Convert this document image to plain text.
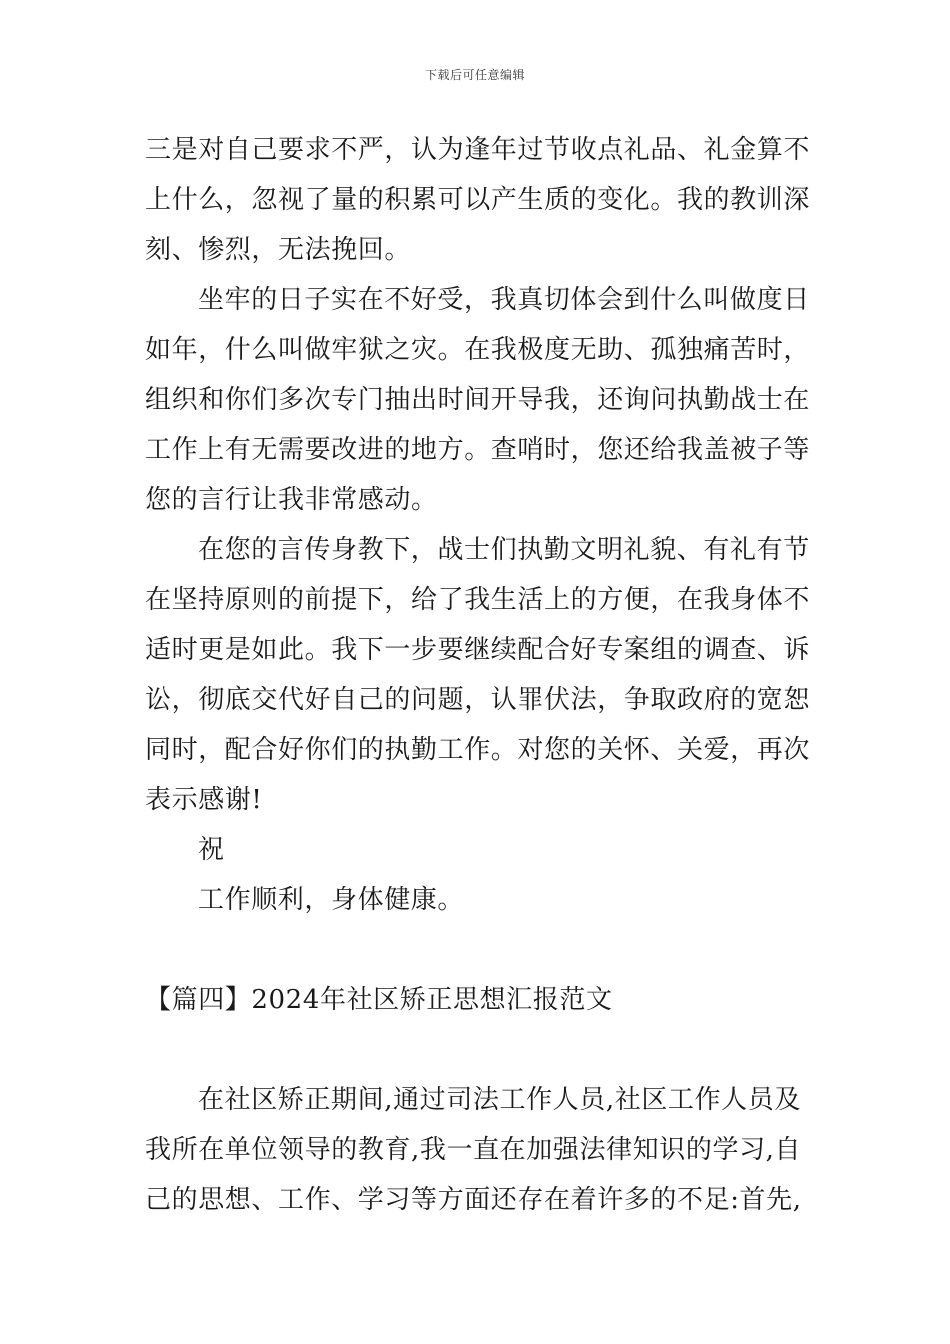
下载后可任意编辑
三是对自己要求不严，认为逢年过节收点礼品、礼金算不
上什么，忽视了量的积累可以产生质的变化。我的教训深
刻、惨烈，无法挽回。
坐牢的日子实在不好受，我真切体会到什么叫做度日
如年，什么叫做牢狱之灾。在我极度无助、孤独痛苦时，
组织和你们多次专门抽出时间开导我，还询问执勤战士在
工作上有无需要改进的地方。查哨时，您还给我盖被子等
您的言行让我非常感动。
在您的言传身教下，战士们执勤文明礼貌、有礼有节
在坚持原则的前提下，给了我生活上的方便，在我身体不
适时更是如此。我下一步要继续配合好专案组的调查、诉
讼，彻底交代好自己的问题，认罪伏法，争取政府的宽恕
同时，配合好你们的执勤工作。对您的关怀、关爱，再次
表示感谢!
祝
工作顺利，身体健康。
【篇四】2024年社区矫正思想汇报范文
在社区矫正期间,通过司法工作人员,社区工作人员及
我所在单位领导的教育,我一直在加强法律知识的学习,自
己的思想、工作、学习等方面还存在着许多的不足:首先,
